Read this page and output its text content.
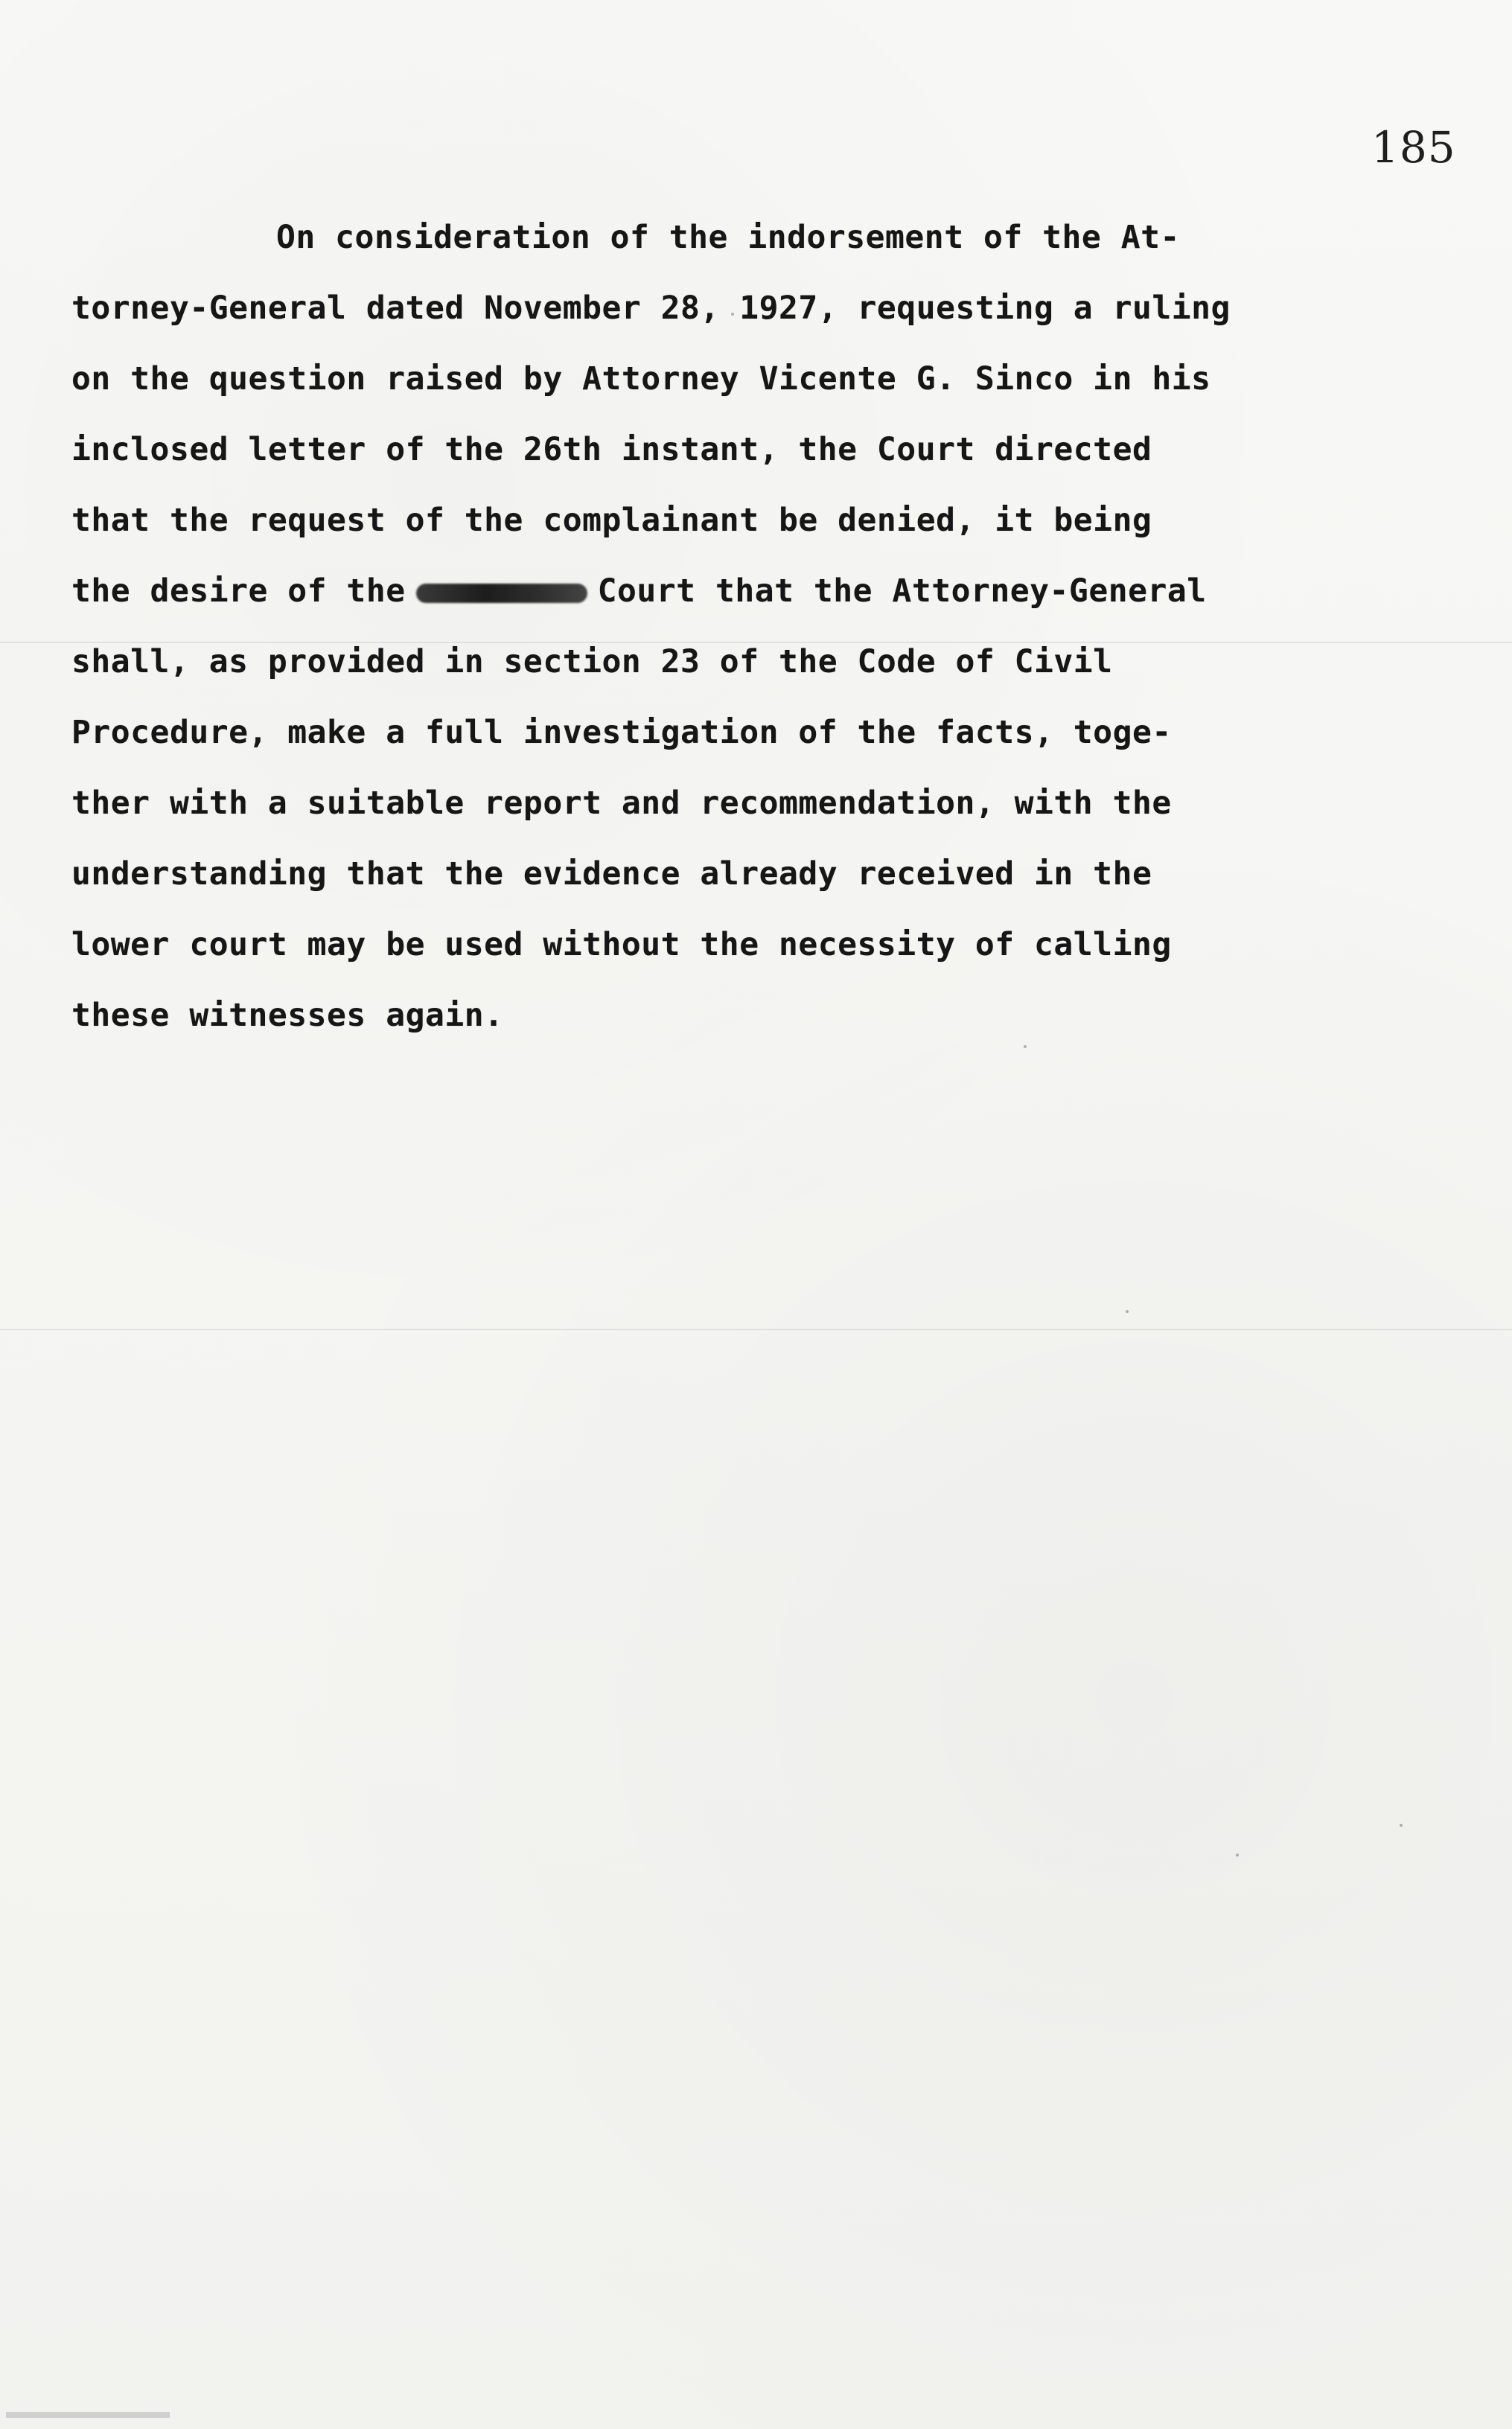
185

On consideration of the indorsement of the At-
torney-General dated November 28, 1927, requesting a ruling
on the question raised by Attorney Vicente G. Sinco in his
inclosed letter of the 26th instant, the Court directed
that the request of the complainant be denied, it being
the desire of the	Court that the Attorney-General
shall, as provided in section 23 of the Code of Civil
Procedure, make a full investigation of the facts, toge-
ther with a suitable report and recommendation, with the
understanding that the evidence already received in the
lower court may be used without the necessity of calling
these witnesses again.
